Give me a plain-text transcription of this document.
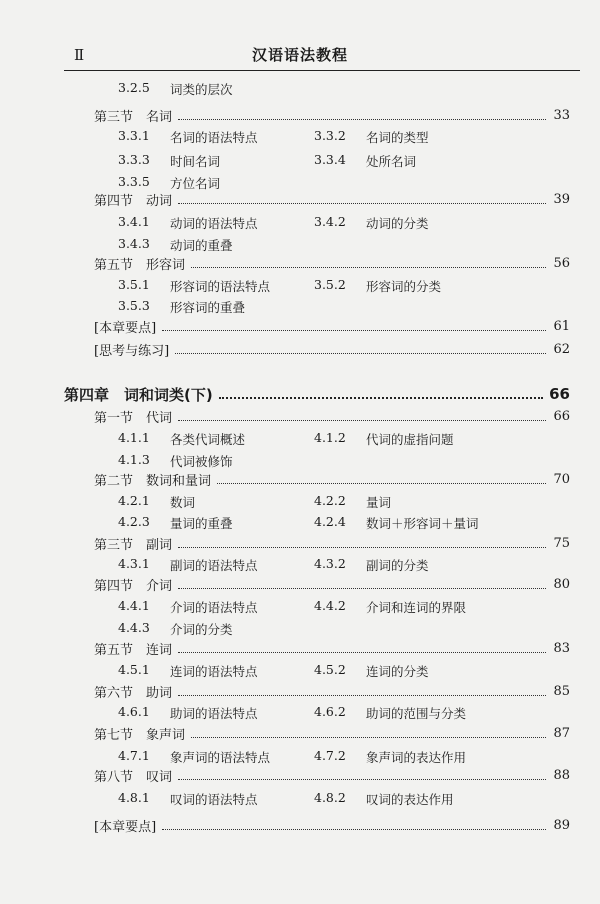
Ⅱ	汉语语法教程
3.2.5	词类的层次
第三节　名词	33
3.3.1	名词的语法特点	3.3.2	名词的类型
3.3.3	时间名词	3.3.4	处所名词
3.3.5	方位名词
第四节　动词	39
3.4.1	动词的语法特点	3.4.2	动词的分类
3.4.3	动词的重叠
第五节　形容词	56
3.5.1	形容词的语法特点	3.5.2	形容词的分类
3.5.3	形容词的重叠
[本章要点]	61
[思考与练习]	62
第四章　词和词类(下)	66
第一节　代词	66
4.1.1	各类代词概述	4.1.2	代词的虚指问题
4.1.3	代词被修饰
第二节　数词和量词	70
4.2.1	数词	4.2.2	量词
4.2.3	量词的重叠	4.2.4	数词＋形容词＋量词
第三节　副词	75
4.3.1	副词的语法特点	4.3.2	副词的分类
第四节　介词	80
4.4.1	介词的语法特点	4.4.2	介词和连词的界限
4.4.3	介词的分类
第五节　连词	83
4.5.1	连词的语法特点	4.5.2	连词的分类
第六节　助词	85
4.6.1	助词的语法特点	4.6.2	助词的范围与分类
第七节　象声词	87
4.7.1	象声词的语法特点	4.7.2	象声词的表达作用
第八节　叹词	88
4.8.1	叹词的语法特点	4.8.2	叹词的表达作用
[本章要点]	89
